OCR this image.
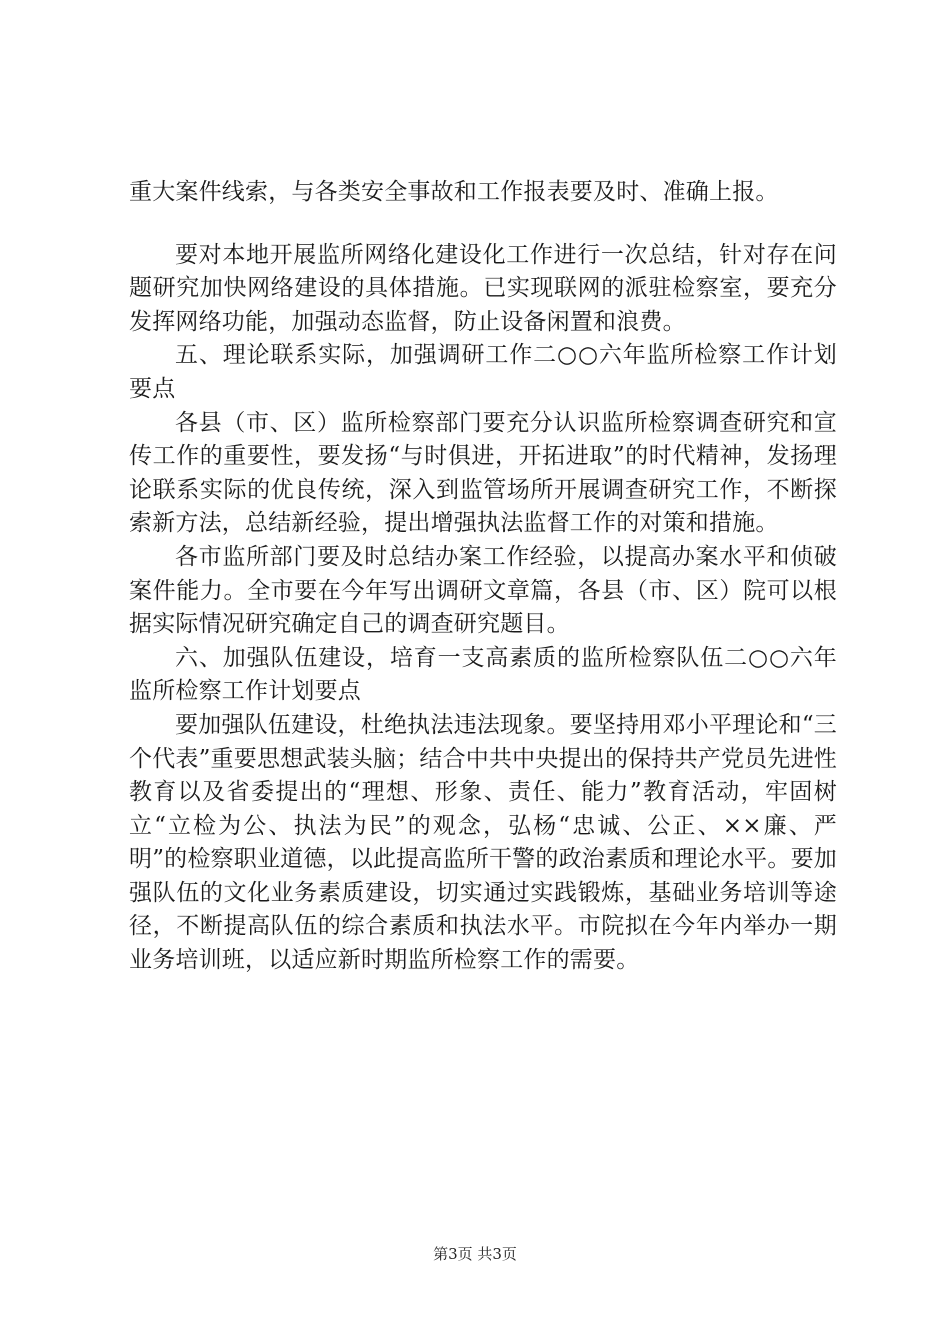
重大案件线索，与各类安全事故和工作报表要及时、准确上报。

要对本地开展监所网络化建设化工作进行一次总结，针对存在问题研究加快网络建设的具体措施。已实现联网的派驻检察室，要充分发挥网络功能，加强动态监督，防止设备闲置和浪费。

五、理论联系实际，加强调研工作二○○六年监所检察工作计划要点

各县（市、区）监所检察部门要充分认识监所检察调查研究和宣传工作的重要性，要发扬“与时俱进，开拓进取”的时代精神，发扬理论联系实际的优良传统，深入到监管场所开展调查研究工作，不断探索新方法，总结新经验，提出增强执法监督工作的对策和措施。

各市监所部门要及时总结办案工作经验，以提高办案水平和侦破案件能力。全市要在今年写出调研文章篇，各县（市、区）院可以根据实际情况研究确定自己的调查研究题目。

六、加强队伍建设，培育一支高素质的监所检察队伍二○○六年监所检察工作计划要点

要加强队伍建设，杜绝执法违法现象。要坚持用邓小平理论和“三个代表”重要思想武装头脑；结合中共中央提出的保持共产党员先进性教育以及省委提出的“理想、形象、责任、能力”教育活动，牢固树立“立检为公、执法为民”的观念，弘杨“忠诚、公正、××廉、严明”的检察职业道德，以此提高监所干警的政治素质和理论水平。要加强队伍的文化业务素质建设，切实通过实践锻炼，基础业务培训等途径，不断提高队伍的综合素质和执法水平。市院拟在今年内举办一期业务培训班，以适应新时期监所检察工作的需要。

第3页 共3页
